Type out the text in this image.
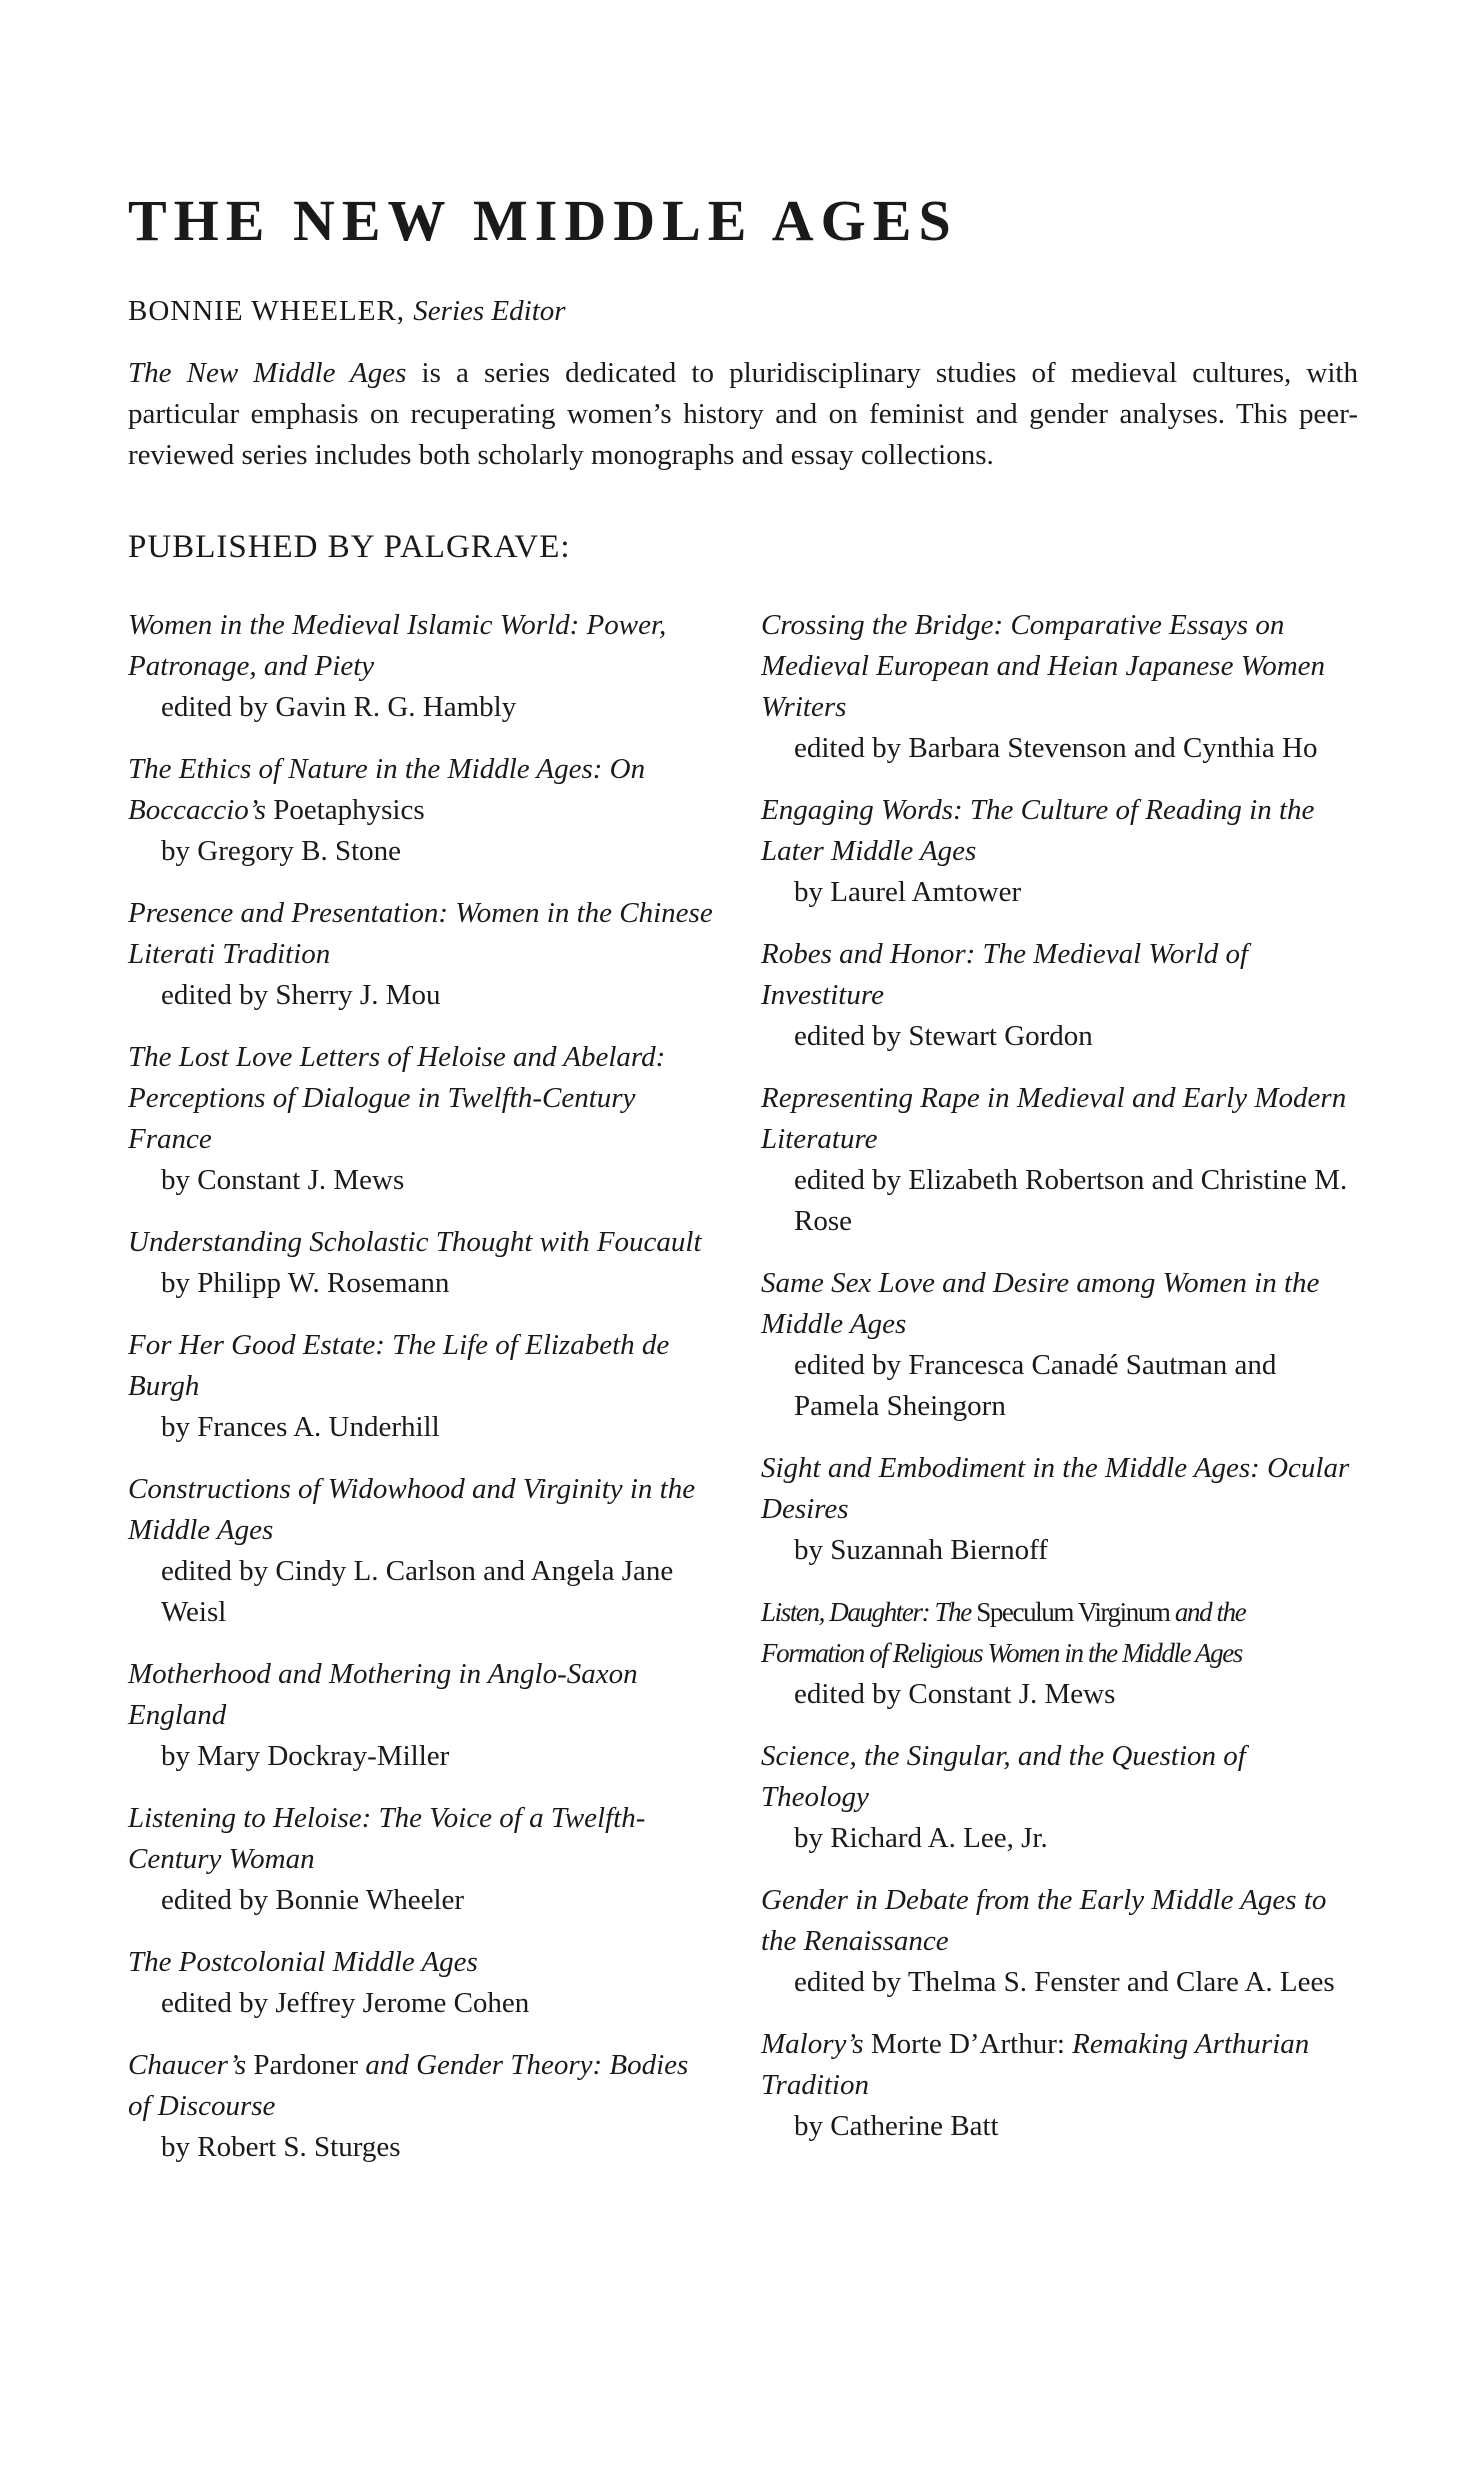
THE NEW MIDDLE AGES
BONNIE WHEELER, Series Editor
The New Middle Ages is a series dedicated to pluridisciplinary studies of medieval cultures, with particular emphasis on recuperating women’s history and on feminist and gender analyses. This peer-reviewed series includes both scholarly monographs and essay collections.
PUBLISHED BY PALGRAVE:
Women in the Medieval Islamic World: Power, Patronage, and Piety
edited by Gavin R. G. Hambly
The Ethics of Nature in the Middle Ages: On Boccaccio’s Poetaphysics
by Gregory B. Stone
Presence and Presentation: Women in the Chinese Literati Tradition
edited by Sherry J. Mou
The Lost Love Letters of Heloise and Abelard: Perceptions of Dialogue in Twelfth-Century France
by Constant J. Mews
Understanding Scholastic Thought with Foucault
by Philipp W. Rosemann
For Her Good Estate: The Life of Elizabeth de Burgh
by Frances A. Underhill
Constructions of Widowhood and Virginity in the Middle Ages
edited by Cindy L. Carlson and Angela Jane Weisl
Motherhood and Mothering in Anglo-Saxon England
by Mary Dockray-Miller
Listening to Heloise: The Voice of a Twelfth-Century Woman
edited by Bonnie Wheeler
The Postcolonial Middle Ages
edited by Jeffrey Jerome Cohen
Chaucer’s Pardoner and Gender Theory: Bodies of Discourse
by Robert S. Sturges
Crossing the Bridge: Comparative Essays on Medieval European and Heian Japanese Women Writers
edited by Barbara Stevenson and Cynthia Ho
Engaging Words: The Culture of Reading in the Later Middle Ages
by Laurel Amtower
Robes and Honor: The Medieval World of Investiture
edited by Stewart Gordon
Representing Rape in Medieval and Early Modern Literature
edited by Elizabeth Robertson and Christine M. Rose
Same Sex Love and Desire among Women in the Middle Ages
edited by Francesca Canadé Sautman and Pamela Sheingorn
Sight and Embodiment in the Middle Ages: Ocular Desires
by Suzannah Biernoff
Listen, Daughter: The Speculum Virginum and the Formation of Religious Women in the Middle Ages
edited by Constant J. Mews
Science, the Singular, and the Question of Theology
by Richard A. Lee, Jr.
Gender in Debate from the Early Middle Ages to the Renaissance
edited by Thelma S. Fenster and Clare A. Lees
Malory’s Morte D’Arthur: Remaking Arthurian Tradition
by Catherine Batt
